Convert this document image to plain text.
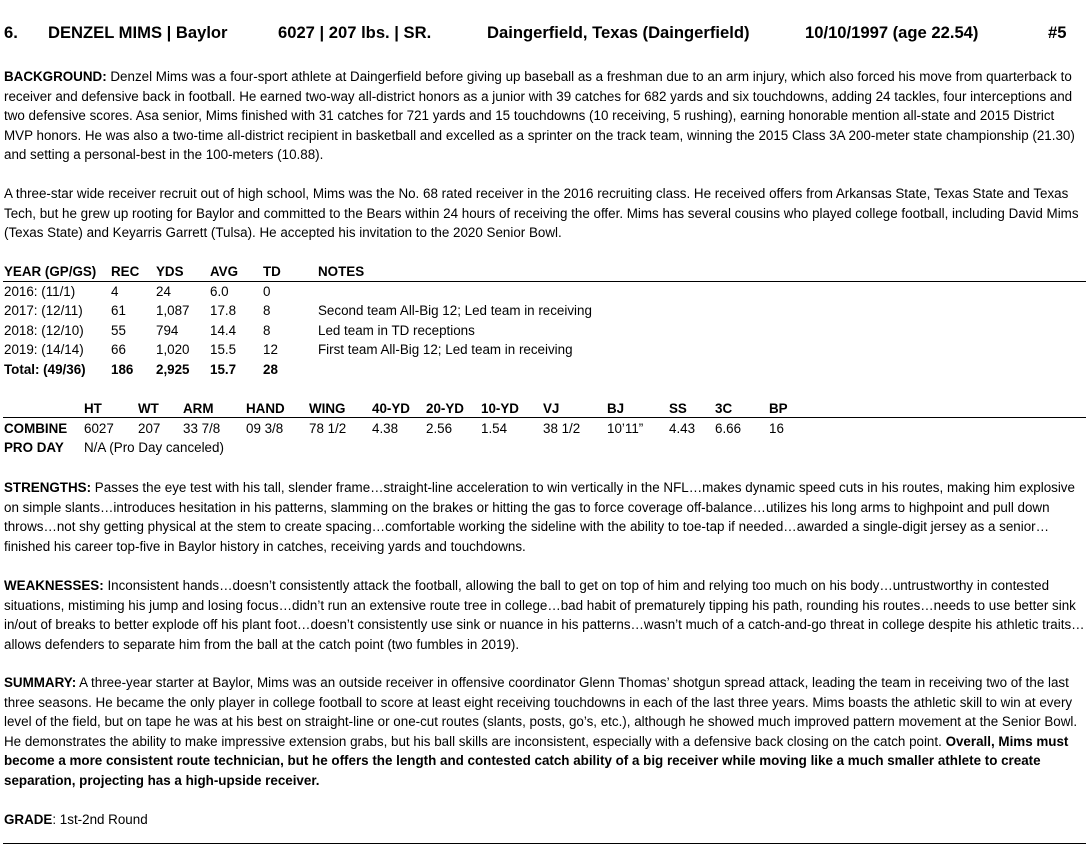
6. DENZEL MIMS | Baylor	6027 | 207 lbs. | SR.	Daingerfield, Texas (Daingerfield)	10/10/1997 (age 22.54)	#5

BACKGROUND: Denzel Mims was a four-sport athlete at Daingerfield before giving up baseball as a freshman due to an arm injury, which also forced his move from quarterback to receiver and defensive back in football. He earned two-way all-district honors as a junior with 39 catches for 682 yards and six touchdowns, adding 24 tackles, four interceptions and two defensive scores. Asa senior, Mims finished with 31 catches for 721 yards and 15 touchdowns (10 receiving, 5 rushing), earning honorable mention all-state and 2015 District MVP honors. He was also a two-time all-district recipient in basketball and excelled as a sprinter on the track team, winning the 2015 Class 3A 200-meter state championship (21.30) and setting a personal-best in the 100-meters (10.88).

A three-star wide receiver recruit out of high school, Mims was the No. 68 rated receiver in the 2016 recruiting class. He received offers from Arkansas State, Texas State and Texas Tech, but he grew up rooting for Baylor and committed to the Bears within 24 hours of receiving the offer. Mims has several cousins who played college football, including David Mims (Texas State) and Keyarris Garrett (Tulsa). He accepted his invitation to the 2020 Senior Bowl.

YEAR (GP/GS) REC YDS AVG TD	NOTES
2016: (11/1)	4	24	6.0	0
2017: (12/11) 61 1,087 17.8 8	Second team All-Big 12; Led team in receiving
2018: (12/10) 55 794 14.4 8	Led team in TD receptions
2019: (14/14) 66 1,020 15.5 12	First team All-Big 12; Led team in receiving
Total: (49/36) 186 2,925 15.7 28
HT	WT ARM HAND WING 40-YD 20-YD 10-YD VJ	BJ	SS 3C	BP
COMBINE 6027 207 33 7/8 09 3/8 78 1/2 4.38 2.56 1.54	38 1/2 10’11” 4.43 6.66 16
PRO DAY N/A (Pro Day canceled)

STRENGTHS: Passes the eye test with his tall, slender frame…straight-line acceleration to win vertically in the NFL…makes dynamic speed cuts in his routes, making him explosive on simple slants…introduces hesitation in his patterns, slamming on the brakes or hitting the gas to force coverage off-balance…utilizes his long arms to highpoint and pull down throws…not shy getting physical at the stem to create spacing…comfortable working the sideline with the ability to toe-tap if needed…awarded a single-digit jersey as a senior…finished his career top-five in Baylor history in catches, receiving yards and touchdowns.

WEAKNESSES: Inconsistent hands…doesn’t consistently attack the football, allowing the ball to get on top of him and relying too much on his body…untrustworthy in contested situations, mistiming his jump and losing focus…didn’t run an extensive route tree in college…bad habit of prematurely tipping his path, rounding his routes…needs to use better sink in/out of breaks to better explode off his plant foot…doesn’t consistently use sink or nuance in his patterns…wasn’t much of a catch-and-go threat in college despite his athletic traits…allows defenders to separate him from the ball at the catch point (two fumbles in 2019).

SUMMARY: A three-year starter at Baylor, Mims was an outside receiver in offensive coordinator Glenn Thomas’ shotgun spread attack, leading the team in receiving two of the last three seasons. He became the only player in college football to score at least eight receiving touchdowns in each of the last three years. Mims boasts the athletic skill to win at every level of the field, but on tape he was at his best on straight-line or one-cut routes (slants, posts, go’s, etc.), although he showed much improved pattern movement at the Senior Bowl. He demonstrates the ability to make impressive extension grabs, but his ball skills are inconsistent, especially with a defensive back closing on the catch point. Overall, Mims must become a more consistent route technician, but he offers the length and contested catch ability of a big receiver while moving like a much smaller athlete to create separation, projecting has a high-upside receiver.

GRADE: 1st-2nd Round
